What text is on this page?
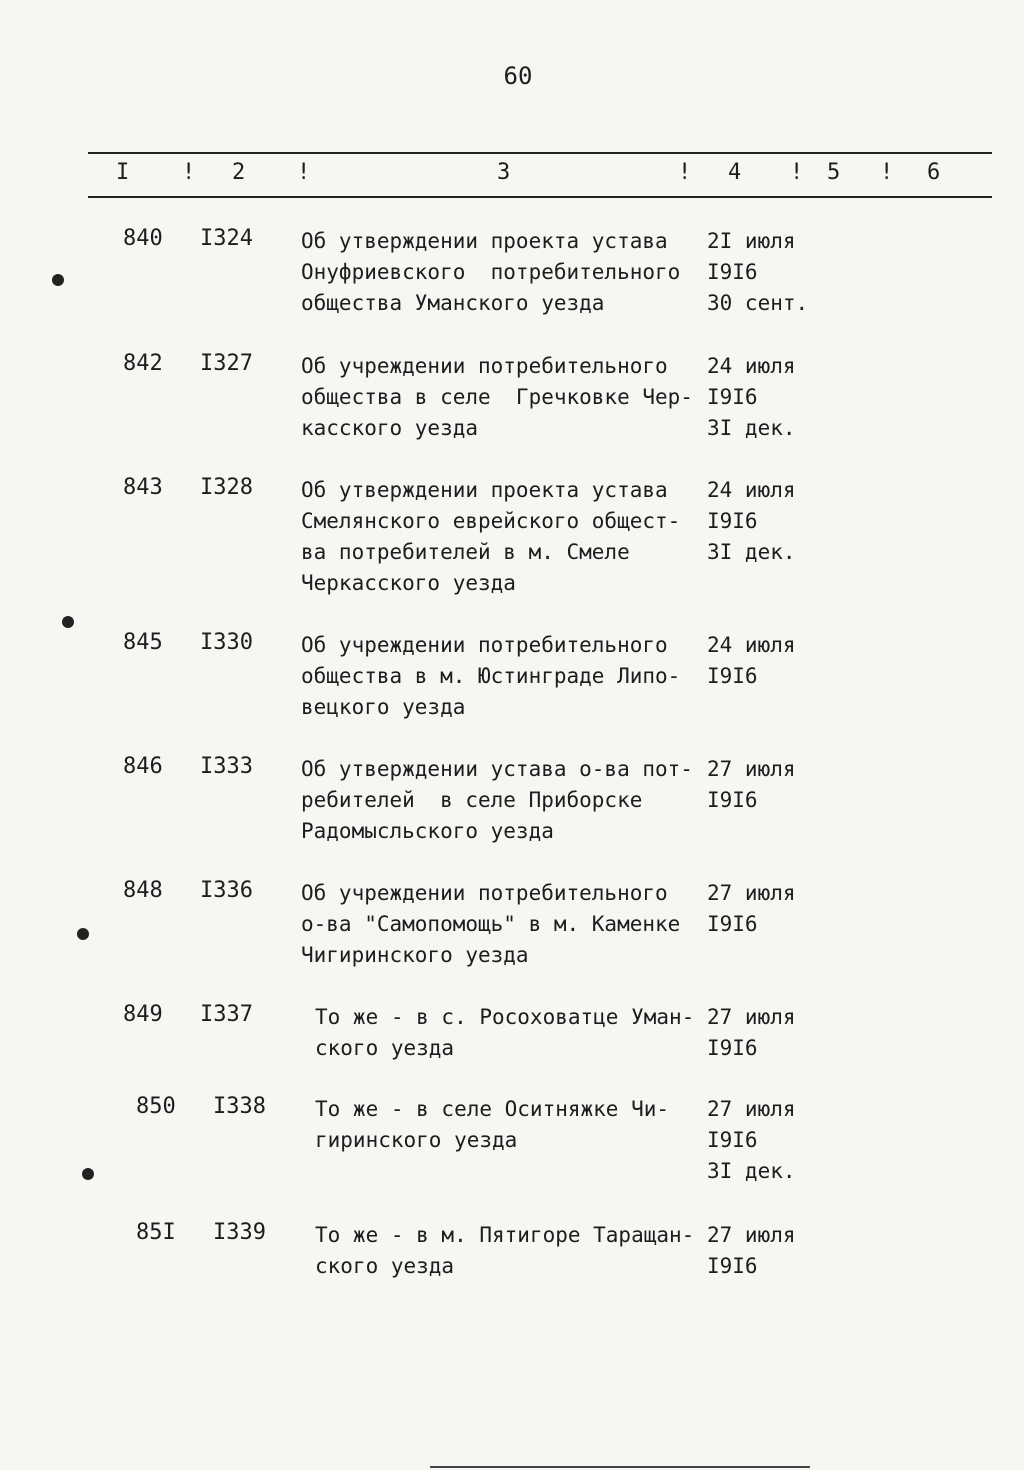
60
I ! 2 !	3	! 4 ! 5 ! 6
840 I324 Об утверждении проекта устава
Онуфриевского  потребительного
общества Уманского уезда
2I июля
I9I6
30 сент.
842 I327 Об учреждении потребительного
общества в селе  Гречковке Чер-
касского уезда
24 июля
I9I6
3I дек.
843 I328 Об утверждении проекта устава
Смелянского еврейского общест-
ва потребителей в м. Смеле
Черкасского уезда
24 июля
I9I6
3I дек.
845 I330 Об учреждении потребительного
общества в м. Юстинграде Липо-
вецкого уезда
24 июля
I9I6
846 I333 Об утверждении устава о-ва пот-
ребителей  в селе Приборске
Радомысльского уезда
27 июля
I9I6
848 I336 Об учреждении потребительного
о-ва "Самопомощь" в м. Каменке
Чигиринского уезда
27 июля
I9I6
849 I337	То же - в с. Росоховатце Уман-
ского уезда
27 июля
I9I6
850 I338 То же - в селе Оситняжке Чи-
гиринского уезда
27 июля
I9I6
3I дек.
85I I339 То же - в м. Пятигоре Таращан-
ского уезда
27 июля
I9I6
